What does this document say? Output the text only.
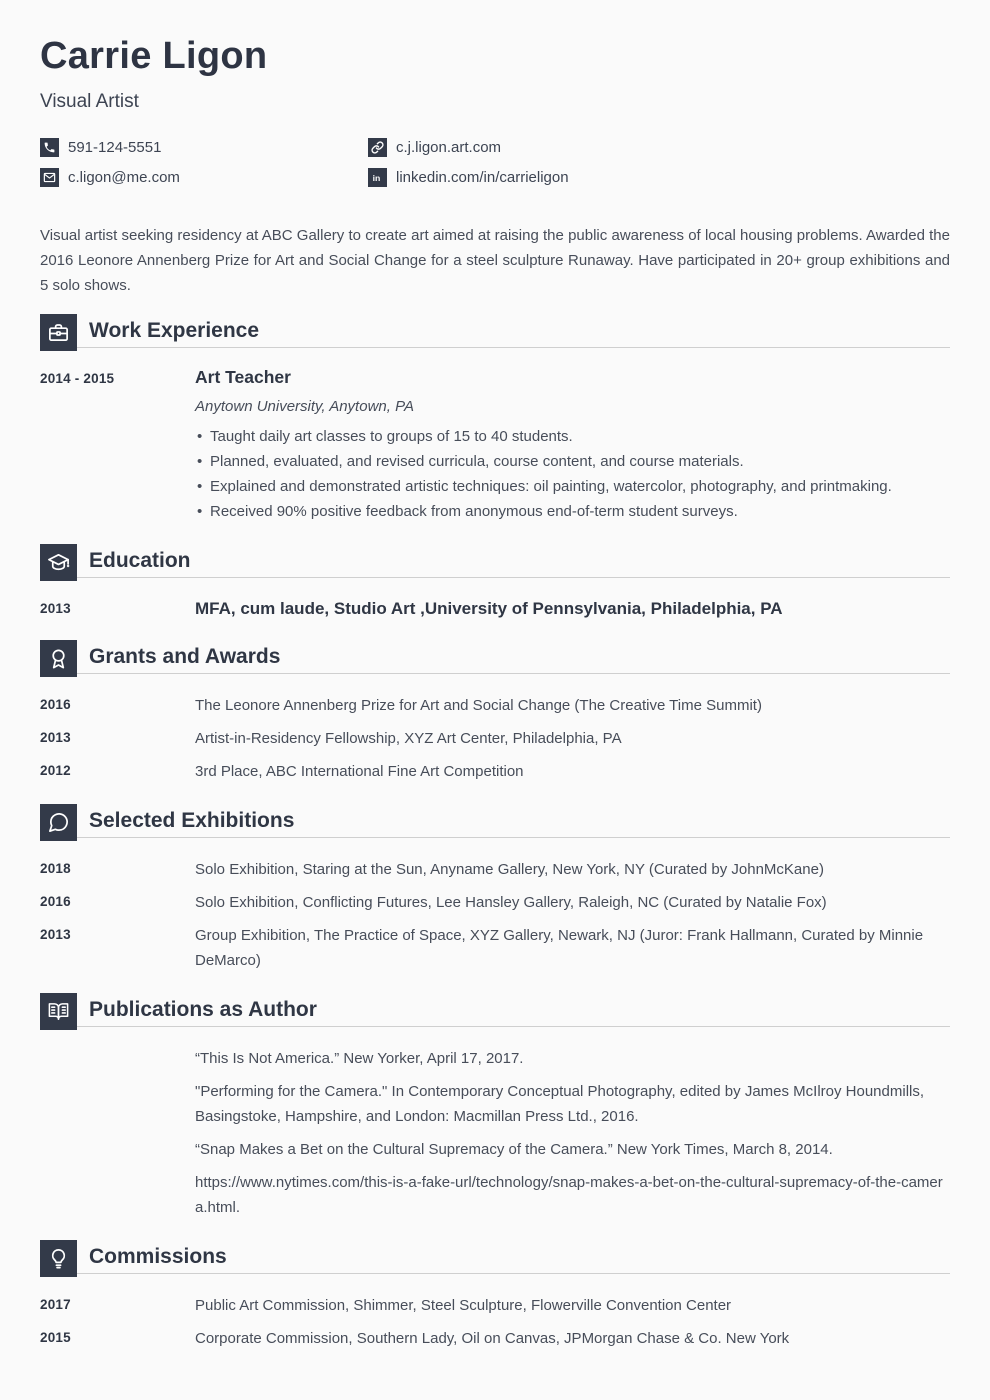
Carrie Ligon
Visual Artist
591-124-5551	c.j.ligon.art.com
c.ligon@me.com	in linkedin.com/in/carrieligon

Visual artist seeking residency at ABC Gallery to create art aimed at raising the public awareness of local housing problems. Awarded the 2016 Leonore Annenberg Prize for Art and Social Change for a steel sculpture Runaway. Have participated in 20+ group exhibitions and 5 solo shows.

Work Experience
2014 - 2015	Art Teacher
Anytown University, Anytown, PA
• Taught daily art classes to groups of 15 to 40 students.
• Planned, evaluated, and revised curricula, course content, and course materials.
• Explained and demonstrated artistic techniques: oil painting, watercolor, photography, and printmaking.
• Received 90% positive feedback from anonymous end-of-term student surveys.
Education
2013	MFA, cum laude, Studio Art ,University of Pennsylvania, Philadelphia, PA
Grants and Awards
2016	The Leonore Annenberg Prize for Art and Social Change (The Creative Time Summit)
2013	Artist-in-Residency Fellowship, XYZ Art Center, Philadelphia, PA
2012	3rd Place, ABC International Fine Art Competition
Selected Exhibitions
2018	Solo Exhibition, Staring at the Sun, Anyname Gallery, New York, NY (Curated by JohnMcKane)
2016	Solo Exhibition, Conflicting Futures, Lee Hansley Gallery, Raleigh, NC (Curated by Natalie Fox)
2013	Group Exhibition, The Practice of Space, XYZ Gallery, Newark, NJ (Juror: Frank Hallmann, Curated by Minnie DeMarco)
Publications as Author
“This Is Not America.” New Yorker, April 17, 2017.
"Performing for the Camera." In Contemporary Conceptual Photography, edited by James McIlroy Houndmills, Basingstoke, Hampshire, and London: Macmillan Press Ltd., 2016.
“Snap Makes a Bet on the Cultural Supremacy of the Camera.” New York Times, March 8, 2014.
https://www.nytimes.com/this-is-a-fake-url/technology/snap-makes-a-bet-on-the-cultural-supremacy-of-the-camera.html.
Commissions
2017	Public Art Commission, Shimmer, Steel Sculpture, Flowerville Convention Center
2015	Corporate Commission, Southern Lady, Oil on Canvas, JPMorgan Chase & Co. New York
